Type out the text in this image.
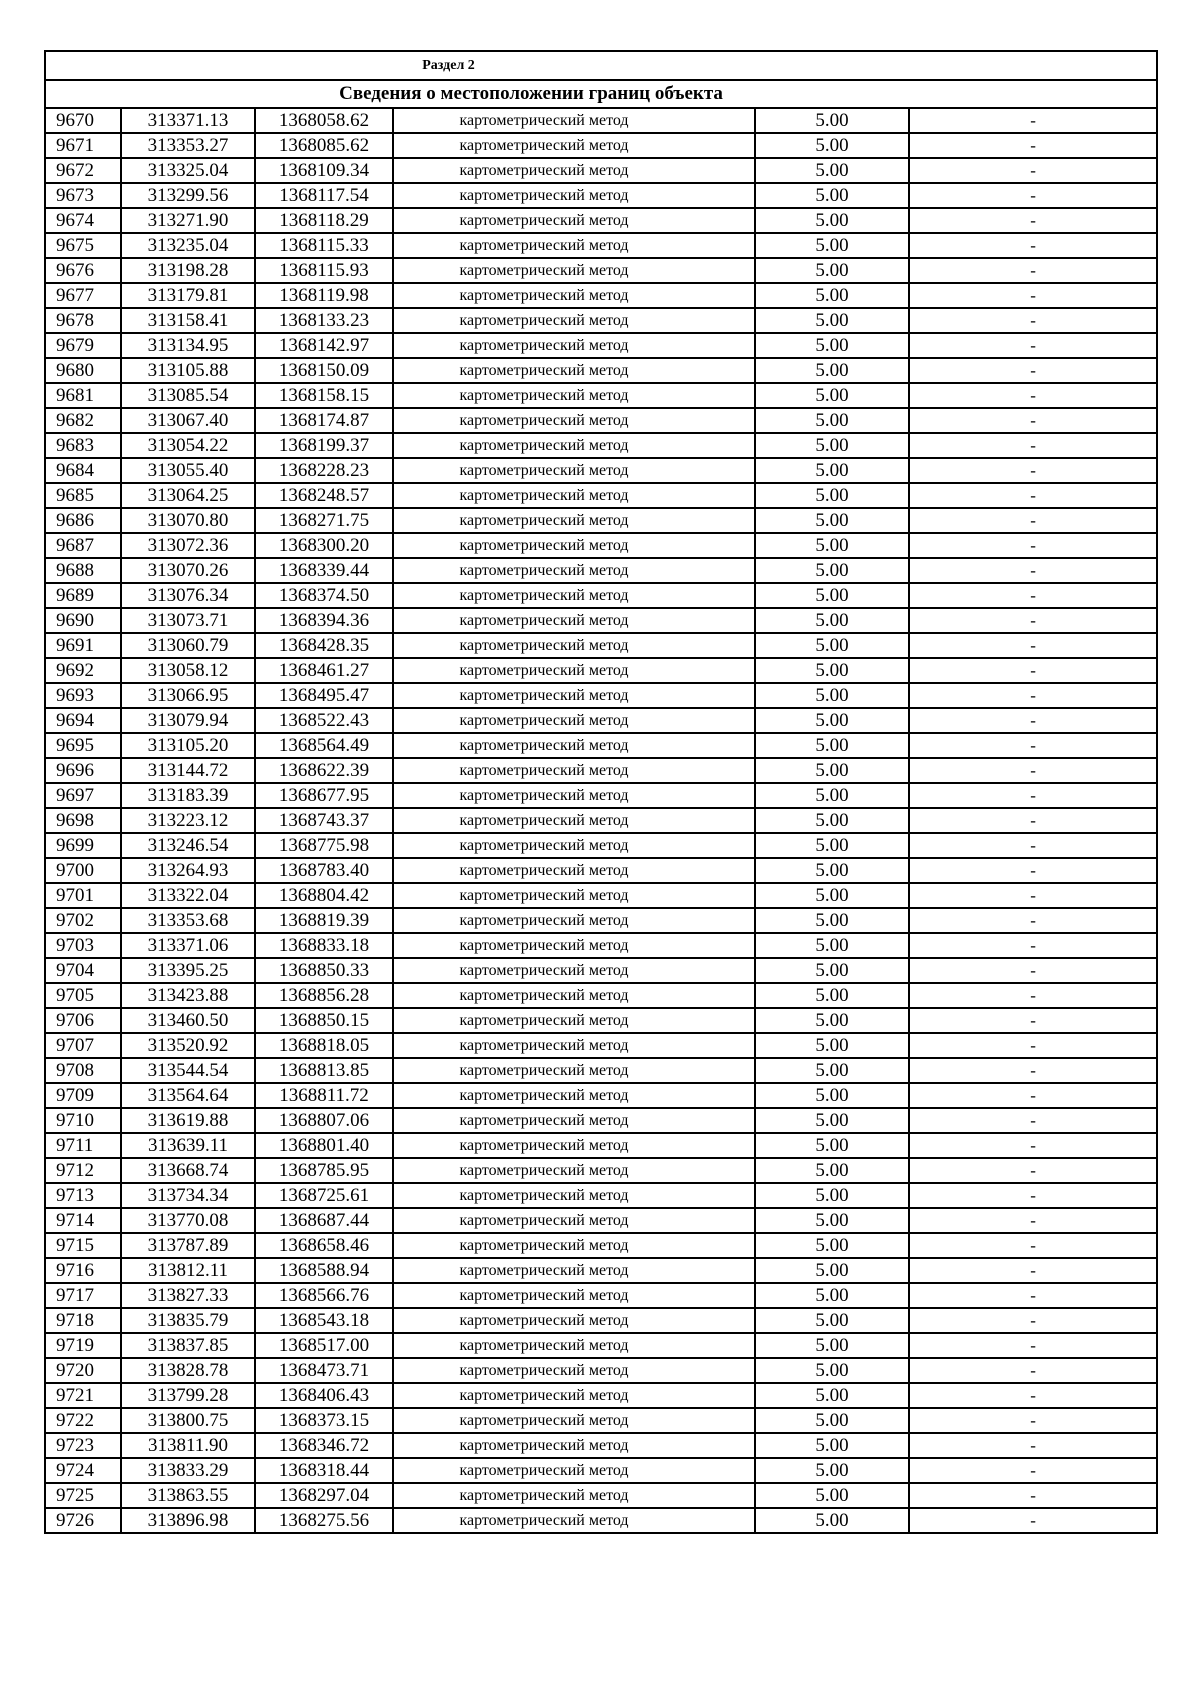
Раздел 2					
Сведения о местоположении границ объекта					
9670	313371.13	1368058.62	картометрический метод	5.00	-
9671	313353.27	1368085.62	картометрический метод	5.00	-
9672	313325.04	1368109.34	картометрический метод	5.00	-
9673	313299.56	1368117.54	картометрический метод	5.00	-
9674	313271.90	1368118.29	картометрический метод	5.00	-
9675	313235.04	1368115.33	картометрический метод	5.00	-
9676	313198.28	1368115.93	картометрический метод	5.00	-
9677	313179.81	1368119.98	картометрический метод	5.00	-
9678	313158.41	1368133.23	картометрический метод	5.00	-
9679	313134.95	1368142.97	картометрический метод	5.00	-
9680	313105.88	1368150.09	картометрический метод	5.00	-
9681	313085.54	1368158.15	картометрический метод	5.00	-
9682	313067.40	1368174.87	картометрический метод	5.00	-
9683	313054.22	1368199.37	картометрический метод	5.00	-
9684	313055.40	1368228.23	картометрический метод	5.00	-
9685	313064.25	1368248.57	картометрический метод	5.00	-
9686	313070.80	1368271.75	картометрический метод	5.00	-
9687	313072.36	1368300.20	картометрический метод	5.00	-
9688	313070.26	1368339.44	картометрический метод	5.00	-
9689	313076.34	1368374.50	картометрический метод	5.00	-
9690	313073.71	1368394.36	картометрический метод	5.00	-
9691	313060.79	1368428.35	картометрический метод	5.00	-
9692	313058.12	1368461.27	картометрический метод	5.00	-
9693	313066.95	1368495.47	картометрический метод	5.00	-
9694	313079.94	1368522.43	картометрический метод	5.00	-
9695	313105.20	1368564.49	картометрический метод	5.00	-
9696	313144.72	1368622.39	картометрический метод	5.00	-
9697	313183.39	1368677.95	картометрический метод	5.00	-
9698	313223.12	1368743.37	картометрический метод	5.00	-
9699	313246.54	1368775.98	картометрический метод	5.00	-
9700	313264.93	1368783.40	картометрический метод	5.00	-
9701	313322.04	1368804.42	картометрический метод	5.00	-
9702	313353.68	1368819.39	картометрический метод	5.00	-
9703	313371.06	1368833.18	картометрический метод	5.00	-
9704	313395.25	1368850.33	картометрический метод	5.00	-
9705	313423.88	1368856.28	картометрический метод	5.00	-
9706	313460.50	1368850.15	картометрический метод	5.00	-
9707	313520.92	1368818.05	картометрический метод	5.00	-
9708	313544.54	1368813.85	картометрический метод	5.00	-
9709	313564.64	1368811.72	картометрический метод	5.00	-
9710	313619.88	1368807.06	картометрический метод	5.00	-
9711	313639.11	1368801.40	картометрический метод	5.00	-
9712	313668.74	1368785.95	картометрический метод	5.00	-
9713	313734.34	1368725.61	картометрический метод	5.00	-
9714	313770.08	1368687.44	картометрический метод	5.00	-
9715	313787.89	1368658.46	картометрический метод	5.00	-
9716	313812.11	1368588.94	картометрический метод	5.00	-
9717	313827.33	1368566.76	картометрический метод	5.00	-
9718	313835.79	1368543.18	картометрический метод	5.00	-
9719	313837.85	1368517.00	картометрический метод	5.00	-
9720	313828.78	1368473.71	картометрический метод	5.00	-
9721	313799.28	1368406.43	картометрический метод	5.00	-
9722	313800.75	1368373.15	картометрический метод	5.00	-
9723	313811.90	1368346.72	картометрический метод	5.00	-
9724	313833.29	1368318.44	картометрический метод	5.00	-
9725	313863.55	1368297.04	картометрический метод	5.00	-
9726	313896.98	1368275.56	картометрический метод	5.00	-
